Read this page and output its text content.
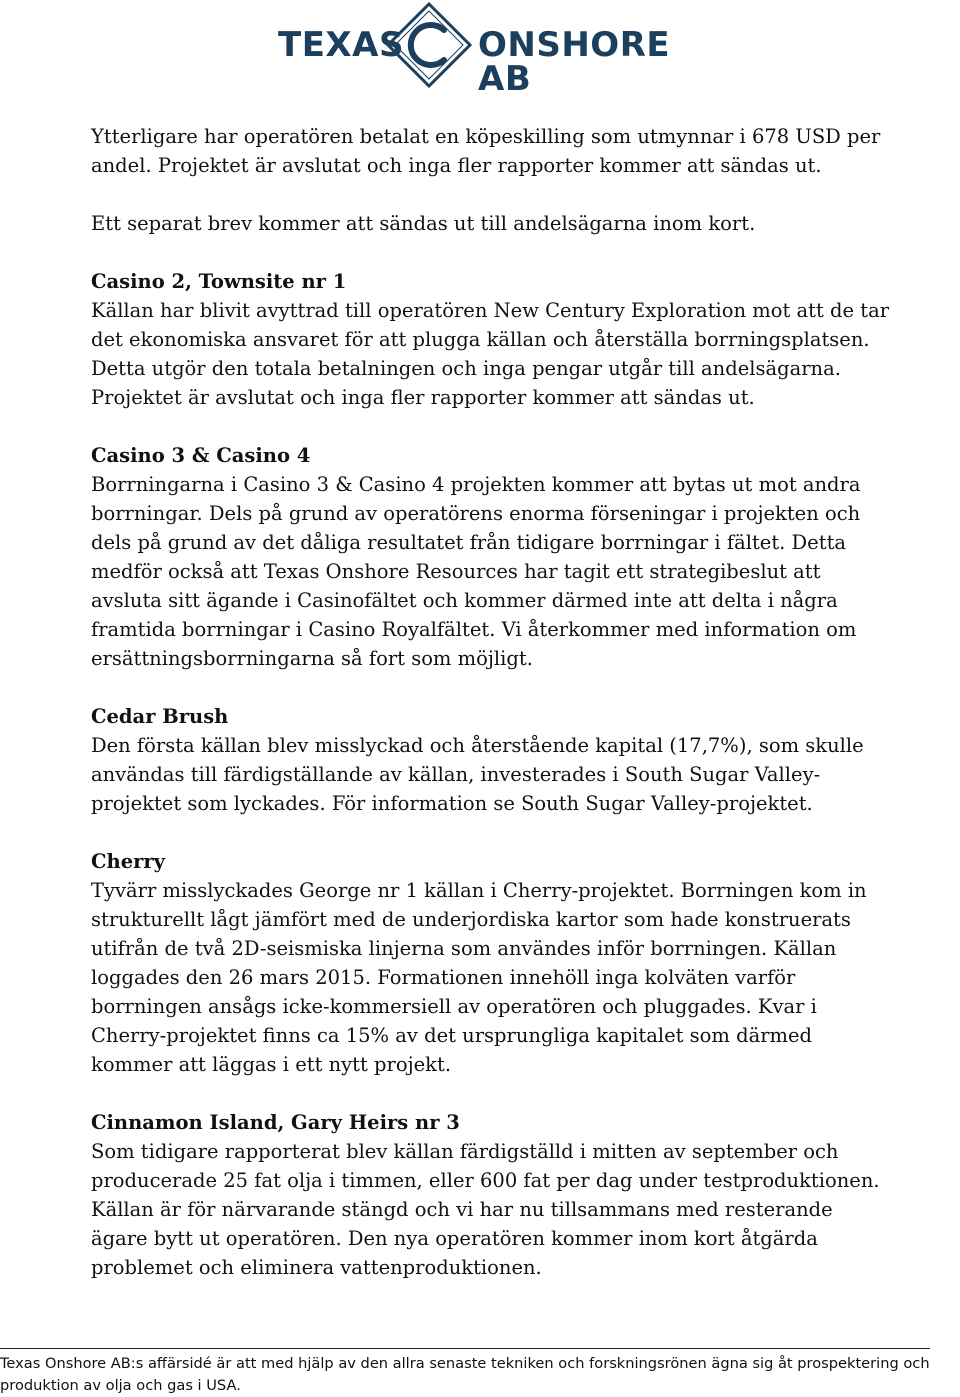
TEXAS ONSHORE AB

Ytterligare har operatören betalat en köpeskilling som utmynnar i 678 USD per andel. Projektet är avslutat och inga fler rapporter kommer att sändas ut.

Ett separat brev kommer att sändas ut till andelsägarna inom kort.

Casino 2, Townsite nr 1

Källan har blivit avyttrad till operatören New Century Exploration mot att de tar det ekonomiska ansvaret för att plugga källan och återställa borrningsplatsen. Detta utgör den totala betalningen och inga pengar utgår till andelsägarna. Projektet är avslutat och inga fler rapporter kommer att sändas ut.

Casino 3 & Casino 4

Borrningarna i Casino 3 & Casino 4 projekten kommer att bytas ut mot andra borrningar. Dels på grund av operatörens enorma förseningar i projekten och dels på grund av det dåliga resultatet från tidigare borrningar i fältet. Detta medför också att Texas Onshore Resources har tagit ett strategibeslut att avsluta sitt ägande i Casinofältet och kommer därmed inte att delta i några framtida borrningar i Casino Royalfältet. Vi återkommer med information om ersättningsborrningarna så fort som möjligt.

Cedar Brush

Den första källan blev misslyckad och återstående kapital (17,7%), som skulle användas till färdigställande av källan, investerades i South Sugar Valley-projektet som lyckades. För information se South Sugar Valley-projektet.

Cherry

Tyvärr misslyckades George nr 1 källan i Cherry-projektet. Borrningen kom in strukturellt lågt jämfört med de underjordiska kartor som hade konstruerats utifrån de två 2D-seismiska linjerna som användes inför borrningen. Källan loggades den 26 mars 2015. Formationen innehöll inga kolväten varför borrningen ansågs icke-kommersiell av operatören och pluggades. Kvar i Cherry-projektet finns ca 15% av det ursprungliga kapitalet som därmed kommer att läggas i ett nytt projekt.

Cinnamon Island, Gary Heirs nr 3

Som tidigare rapporterat blev källan färdigställd i mitten av september och producerade 25 fat olja i timmen, eller 600 fat per dag under testproduktionen. Källan är för närvarande stängd och vi har nu tillsammans med resterande ägare bytt ut operatören. Den nya operatören kommer inom kort åtgärda problemet och eliminera vattenproduktionen.

Texas Onshore AB:s affärsidé är att med hjälp av den allra senaste tekniken och forskningsrönen ägna sig åt prospektering och produktion av olja och gas i USA.
